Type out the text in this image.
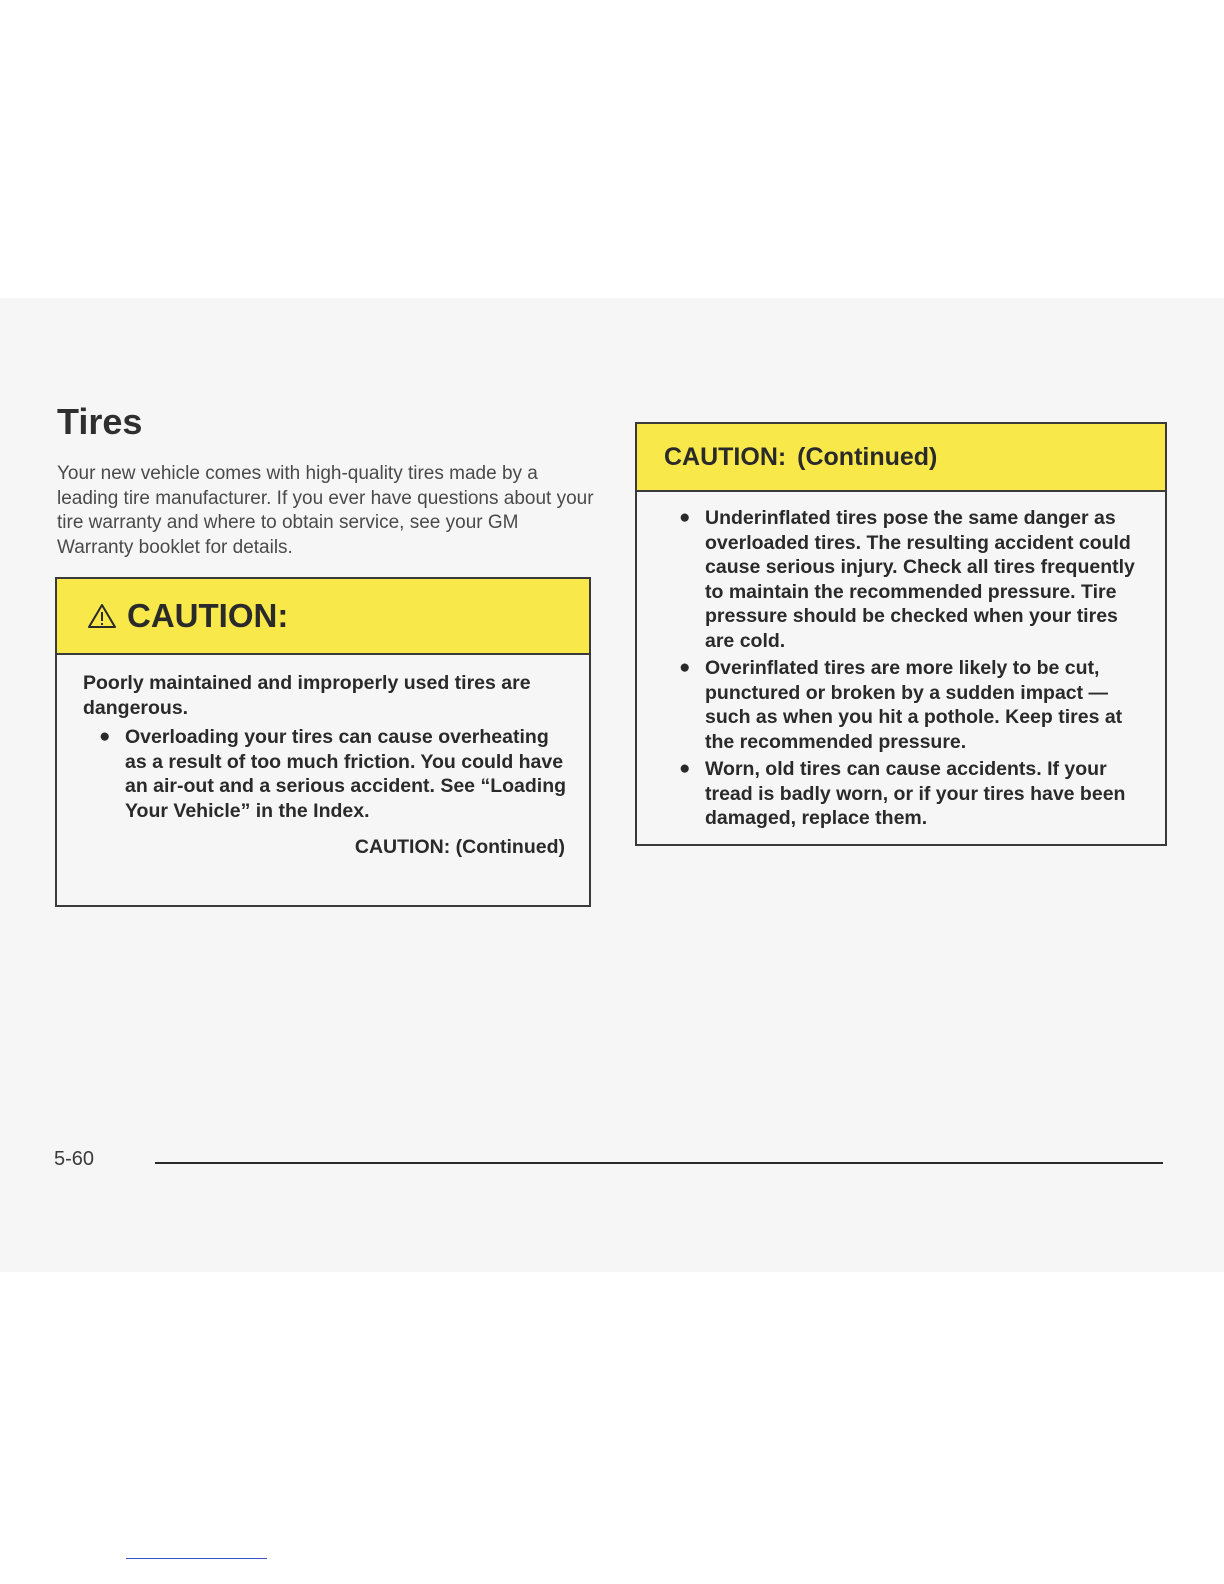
Tires

Your new vehicle comes with high-quality tires made by a leading tire manufacturer. If you ever have questions about your tire warranty and where to obtain service, see your GM Warranty booklet for details.

CAUTION:

Poorly maintained and improperly used tires are dangerous.

● Overloading your tires can cause overheating as a result of too much friction. You could have an air-out and a serious accident. See “Loading Your Vehicle” in the Index.

CAUTION: (Continued)

CAUTION: (Continued)
● Underinflated tires pose the same danger as overloaded tires. The resulting accident could cause serious injury. Check all tires frequently to maintain the recommended pressure. Tire pressure should be checked when your tires are cold.
● Overinflated tires are more likely to be cut, punctured or broken by a sudden impact — such as when you hit a pothole. Keep tires at the recommended pressure.
● Worn, old tires can cause accidents. If your tread is badly worn, or if your tires have been damaged, replace them.
5-60
